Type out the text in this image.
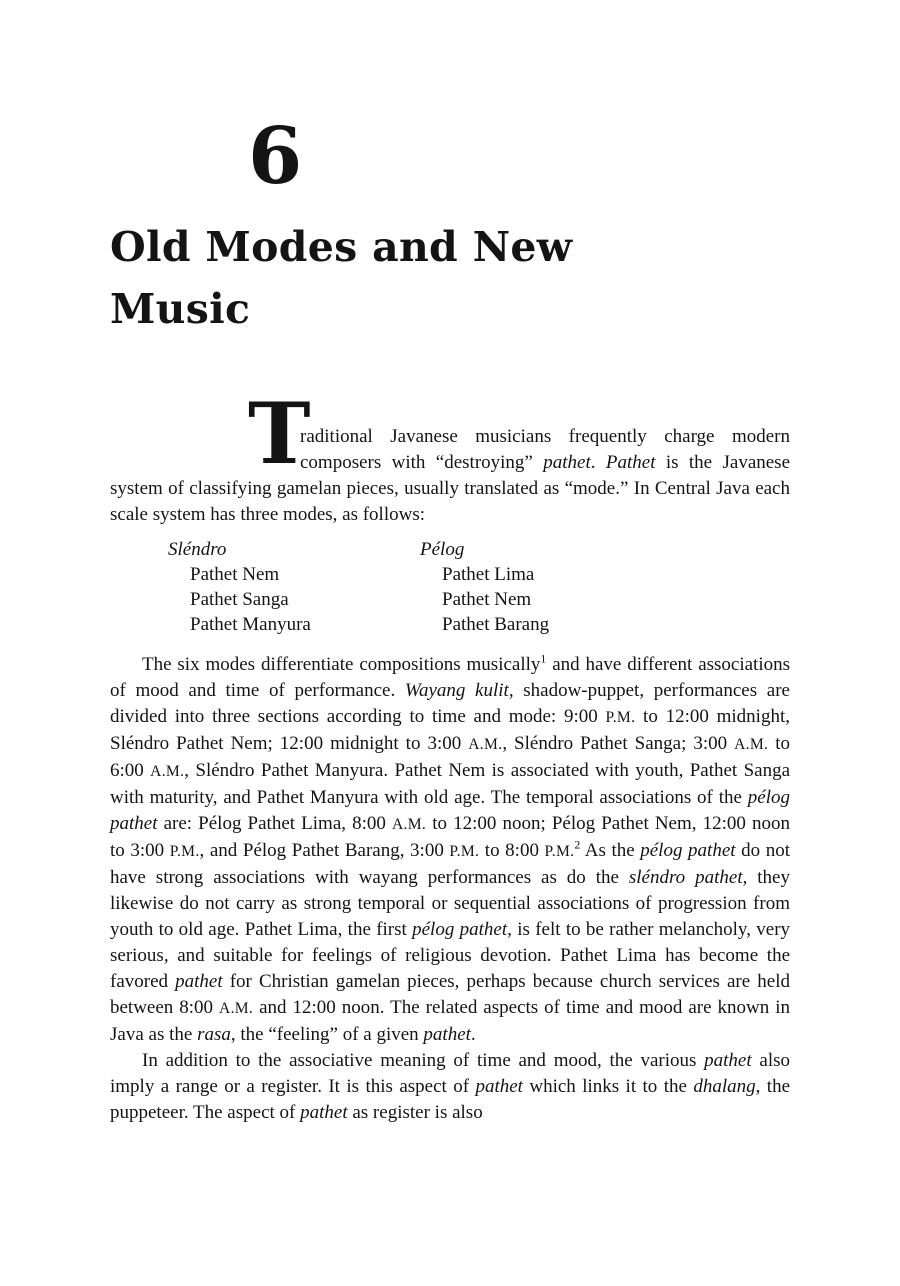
6
Old Modes and New
Music
T
raditional Javanese musicians frequently charge modern composers with “destroying” pathet. Pathet is the Javanese system of classifying gamelan pieces, usually translated as “mode.” In Central Java each scale system has three modes, as follows:
Sléndro
Pathet Nem
Pathet Sanga
Pathet Manyura
Pélog
Pathet Lima
Pathet Nem
Pathet Barang

The six modes differentiate compositions musically$^1$ and have different associations of mood and time of performance. Wayang kulit, shadow-puppet, performances are divided into three sections according to time and mode: 9:00 P.M. to 12:00 midnight, Sléndro Pathet Nem; 12:00 midnight to 3:00 A.M., Sléndro Pathet Sanga; 3:00 A.M. to 6:00 A.M., Sléndro Pathet Manyura. Pathet Nem is associated with youth, Pathet Sanga with maturity, and Pathet Manyura with old age. The temporal associations of the pélog pathet are: Pélog Pathet Lima, 8:00 A.M. to 12:00 noon; Pélog Pathet Nem, 12:00 noon to 3:00 P.M., and Pélog Pathet Barang, 3:00 P.M. to 8:00 P.M.$^2$ As the pélog pathet do not have strong associations with wayang performances as do the sléndro pathet, they likewise do not carry as strong temporal or sequential associations of progression from youth to old age. Pathet Lima, the first pélog pathet, is felt to be rather melancholy, very serious, and suitable for feelings of religious devotion. Pathet Lima has become the favored pathet for Christian gamelan pieces, perhaps because church services are held between 8:00 A.M. and 12:00 noon. The related aspects of time and mood are known in Java as the rasa, the “feeling” of a given pathet.

In addition to the associative meaning of time and mood, the various pathet also imply a range or a register. It is this aspect of pathet which links it to the dhalang, the puppeteer. The aspect of pathet as register is also
